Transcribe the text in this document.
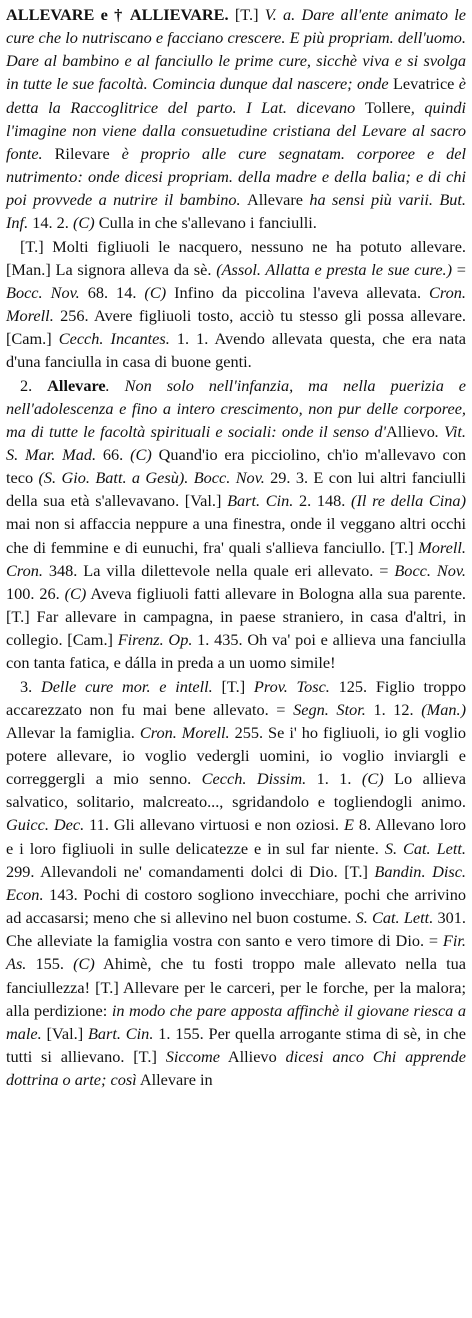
ALLEVARE e † ALLIEVARE. [T.] V. a. Dare all'ente animato le cure che lo nutriscano e facciano crescere. E più propriam. dell'uomo. Dare al bambino e al fanciullo le prime cure, sicchè viva e si svolga in tutte le sue facoltà. Comincia dunque dal nascere; onde Levatrice è detta la Raccoglitrice del parto. I Lat. dicevano Tollere, quindi l'imagine non viene dalla consuetudine cristiana del Levare al sacro fonte. Rilevare è proprio alle cure segnatam. corporee e del nutrimento: onde dicesi propriam. della madre e della balia; e di chi poi provvede a nutrire il bambino. Allevare ha sensi più varii. But. Inf. 14. 2. (C) Culla in che s'allevano i fanciulli.

[T.] Molti figliuoli le nacquero, nessuno ne ha potuto allevare. [Man.] La signora alleva da sè. (Assol. Allatta e presta le sue cure.) = Bocc. Nov. 68. 14. (C) Infino da piccolina l'aveva allevata. Cron. Morell. 256. Avere figliuoli tosto, acciò tu stesso gli possa allevare. [Cam.] Cecch. Incantes. 1. 1. Avendo allevata questa, che era nata d'una fanciulla in casa di buone genti.

2. Allevare. Non solo nell'infanzia, ma nella puerizia e nell'adolescenza e fino a intero crescimento, non pur delle corporee, ma di tutte le facoltà spirituali e sociali: onde il senso d'Allievo. Vit. S. Mar. Mad. 66. (C) Quand'io era picciolino, ch'io m'allevavo con teco (S. Gio. Batt. a Gesù). Bocc. Nov. 29. 3. E con lui altri fanciulli della sua età s'allevavano. [Val.] Bart. Cin. 2. 148. (Il re della Cina) mai non si affaccia neppure a una finestra, onde il veggano altri occhi che di femmine e di eunuchi, fra' quali s'allieva fanciullo. [T.] Morell. Cron. 348. La villa dilettevole nella quale eri allevato. = Bocc. Nov. 100. 26. (C) Aveva figliuoli fatti allevare in Bologna alla sua parente. [T.] Far allevare in campagna, in paese straniero, in casa d'altri, in collegio. [Cam.] Firenz. Op. 1. 435. Oh va' poi e allieva una fanciulla con tanta fatica, e dálla in preda a un uomo simile!

3. Delle cure mor. e intell. [T.] Prov. Tosc. 125. Figlio troppo accarezzato non fu mai bene allevato. = Segn. Stor. 1. 12. (Man.) Allevar la famiglia. Cron. Morell. 255. Se i' ho figliuoli, io gli voglio potere allevare, io voglio vedergli uomini, io voglio inviargli e correggergli a mio senno. Cecch. Dissim. 1. 1. (C) Lo allieva salvatico, solitario, malcreato..., sgridandolo e togliendogli animo. Guicc. Dec. 11. Gli allevano virtuosi e non oziosi. E 8. Allevano loro e i loro figliuoli in sulle delicatezze e in sul far niente. S. Cat. Lett. 299. Allevandoli ne' comandamenti dolci di Dio. [T.] Bandin. Disc. Econ. 143. Pochi di costoro sogliono invecchiare, pochi che arrivino ad accasarsi; meno che si allevino nel buon costume. S. Cat. Lett. 301. Che alleviate la famiglia vostra con santo e vero timore di Dio. = Fir. As. 155. (C) Ahimè, che tu fosti troppo male allevato nella tua fanciullezza! [T.] Allevare per le carceri, per le forche, per la malora; alla perdizione: in modo che pare apposta affinchè il giovane riesca a male. [Val.] Bart. Cin. 1. 155. Per quella arrogante stima di sè, in che tutti si allievano. [T.] Siccome Allievo dicesi anco Chi apprende dottrina o arte; così Allevare in
